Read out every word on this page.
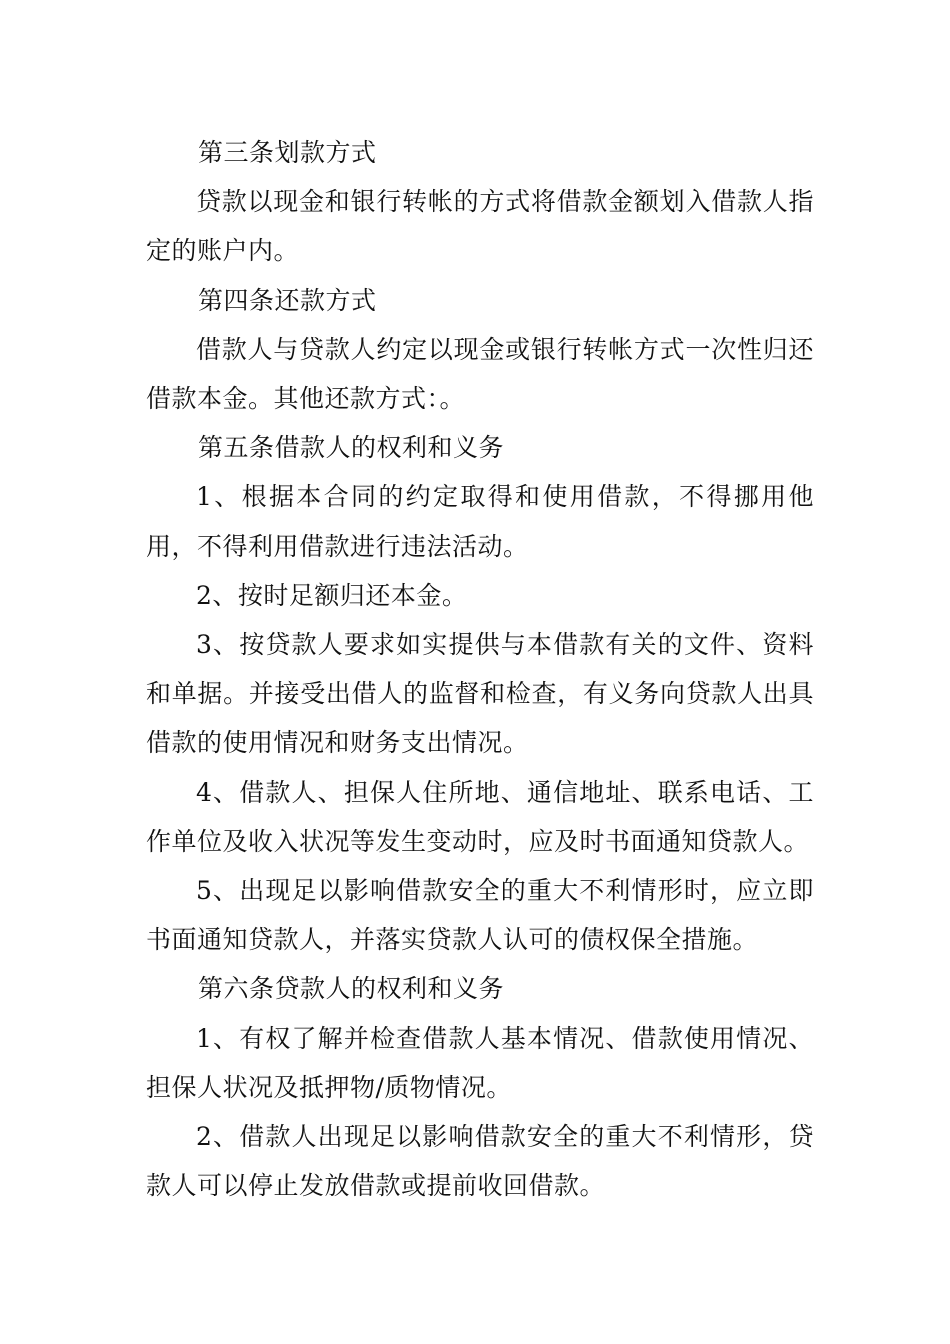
第三条划款方式

贷款以现金和银行转帐的方式将借款金额划入借款人指定的账户内。

第四条还款方式

借款人与贷款人约定以现金或银行转帐方式一次性归还借款本金。其他还款方式：。

第五条借款人的权利和义务

1、根据本合同的约定取得和使用借款，不得挪用他用，不得利用借款进行违法活动。

2、按时足额归还本金。

3、按贷款人要求如实提供与本借款有关的文件、资料和单据。并接受出借人的监督和检查，有义务向贷款人出具借款的使用情况和财务支出情况。

4、借款人、担保人住所地、通信地址、联系电话、工作单位及收入状况等发生变动时，应及时书面通知贷款人。

5、出现足以影响借款安全的重大不利情形时，应立即书面通知贷款人，并落实贷款人认可的债权保全措施。

第六条贷款人的权利和义务

1、有权了解并检查借款人基本情况、借款使用情况、担保人状况及抵押物/质物情况。

2、借款人出现足以影响借款安全的重大不利情形，贷款人可以停止发放借款或提前收回借款。
